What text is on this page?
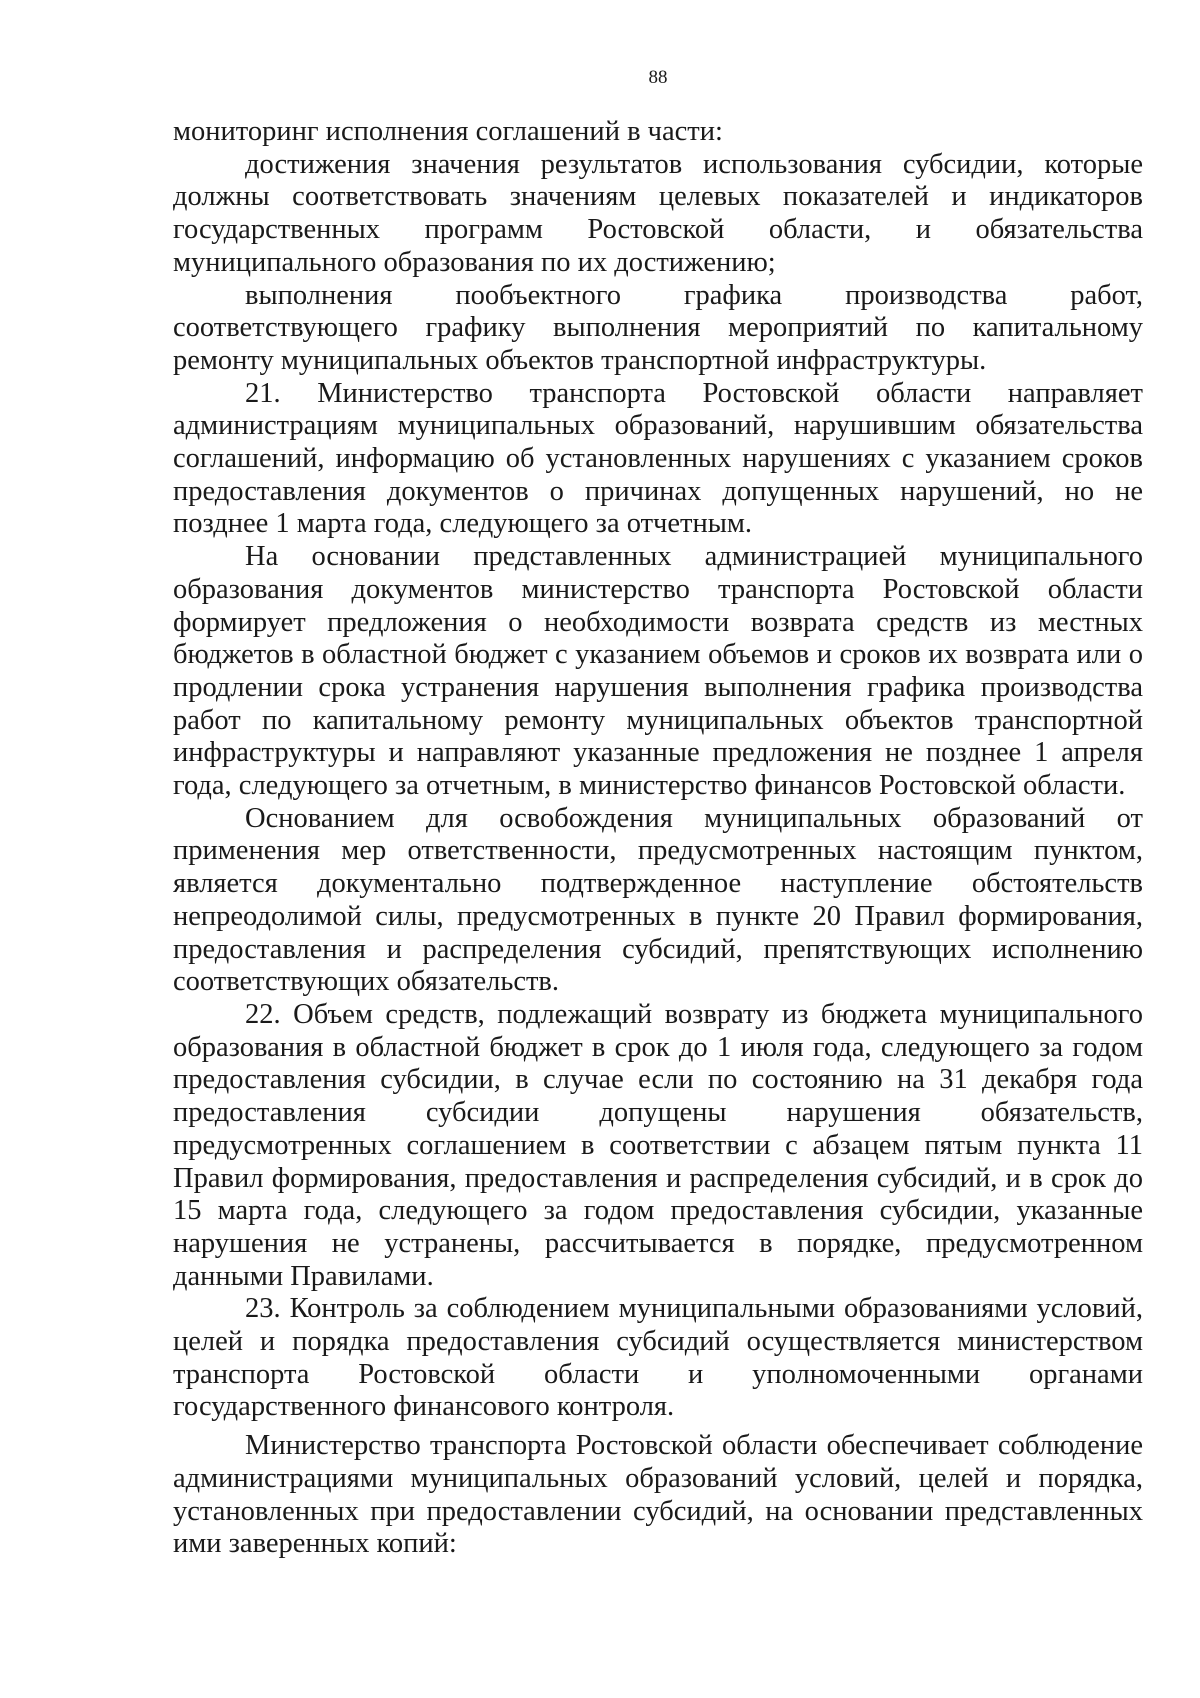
88

мониторинг исполнения соглашений в части:

достижения значения результатов использования субсидии, которые должны соответствовать значениям целевых показателей и индикаторов государственных программ Ростовской области, и обязательства муниципального образования по их достижению;

выполнения пообъектного графика производства работ, соответствующего графику выполнения мероприятий по капитальному ремонту муниципальных объектов транспортной инфраструктуры.

21. Министерство транспорта Ростовской области направляет администрациям муниципальных образований, нарушившим обязательства соглашений, информацию об установленных нарушениях с указанием сроков предоставления документов о причинах допущенных нарушений, но не позднее 1 марта года, следующего за отчетным.

На основании представленных администрацией муниципального образования документов министерство транспорта Ростовской области формирует предложения о необходимости возврата средств из местных бюджетов в областной бюджет с указанием объемов и сроков их возврата или о продлении срока устранения нарушения выполнения графика производства работ по капитальному ремонту муниципальных объектов транспортной инфраструктуры и направляют указанные предложения не позднее 1 апреля года, следующего за отчетным, в министерство финансов Ростовской области.

Основанием для освобождения муниципальных образований от применения мер ответственности, предусмотренных настоящим пунктом, является документально подтвержденное наступление обстоятельств непреодолимой силы, предусмотренных в пункте 20 Правил формирования, предоставления и распределения субсидий, препятствующих исполнению соответствующих обязательств.

22. Объем средств, подлежащий возврату из бюджета муниципального образования в областной бюджет в срок до 1 июля года, следующего за годом предоставления субсидии, в случае если по состоянию на 31 декабря года предоставления субсидии допущены нарушения обязательств, предусмотренных соглашением в соответствии с абзацем пятым пункта 11 Правил формирования, предоставления и распределения субсидий, и в срок до 15 марта года, следующего за годом предоставления субсидии, указанные нарушения не устранены, рассчитывается в порядке, предусмотренном данными Правилами.

23. Контроль за соблюдением муниципальными образованиями условий, целей и порядка предоставления субсидий осуществляется министерством транспорта Ростовской области и уполномоченными органами государственного финансового контроля.

Министерство транспорта Ростовской области обеспечивает соблюдение администрациями муниципальных образований условий, целей и порядка, установленных при предоставлении субсидий, на основании представленных ими заверенных копий:
